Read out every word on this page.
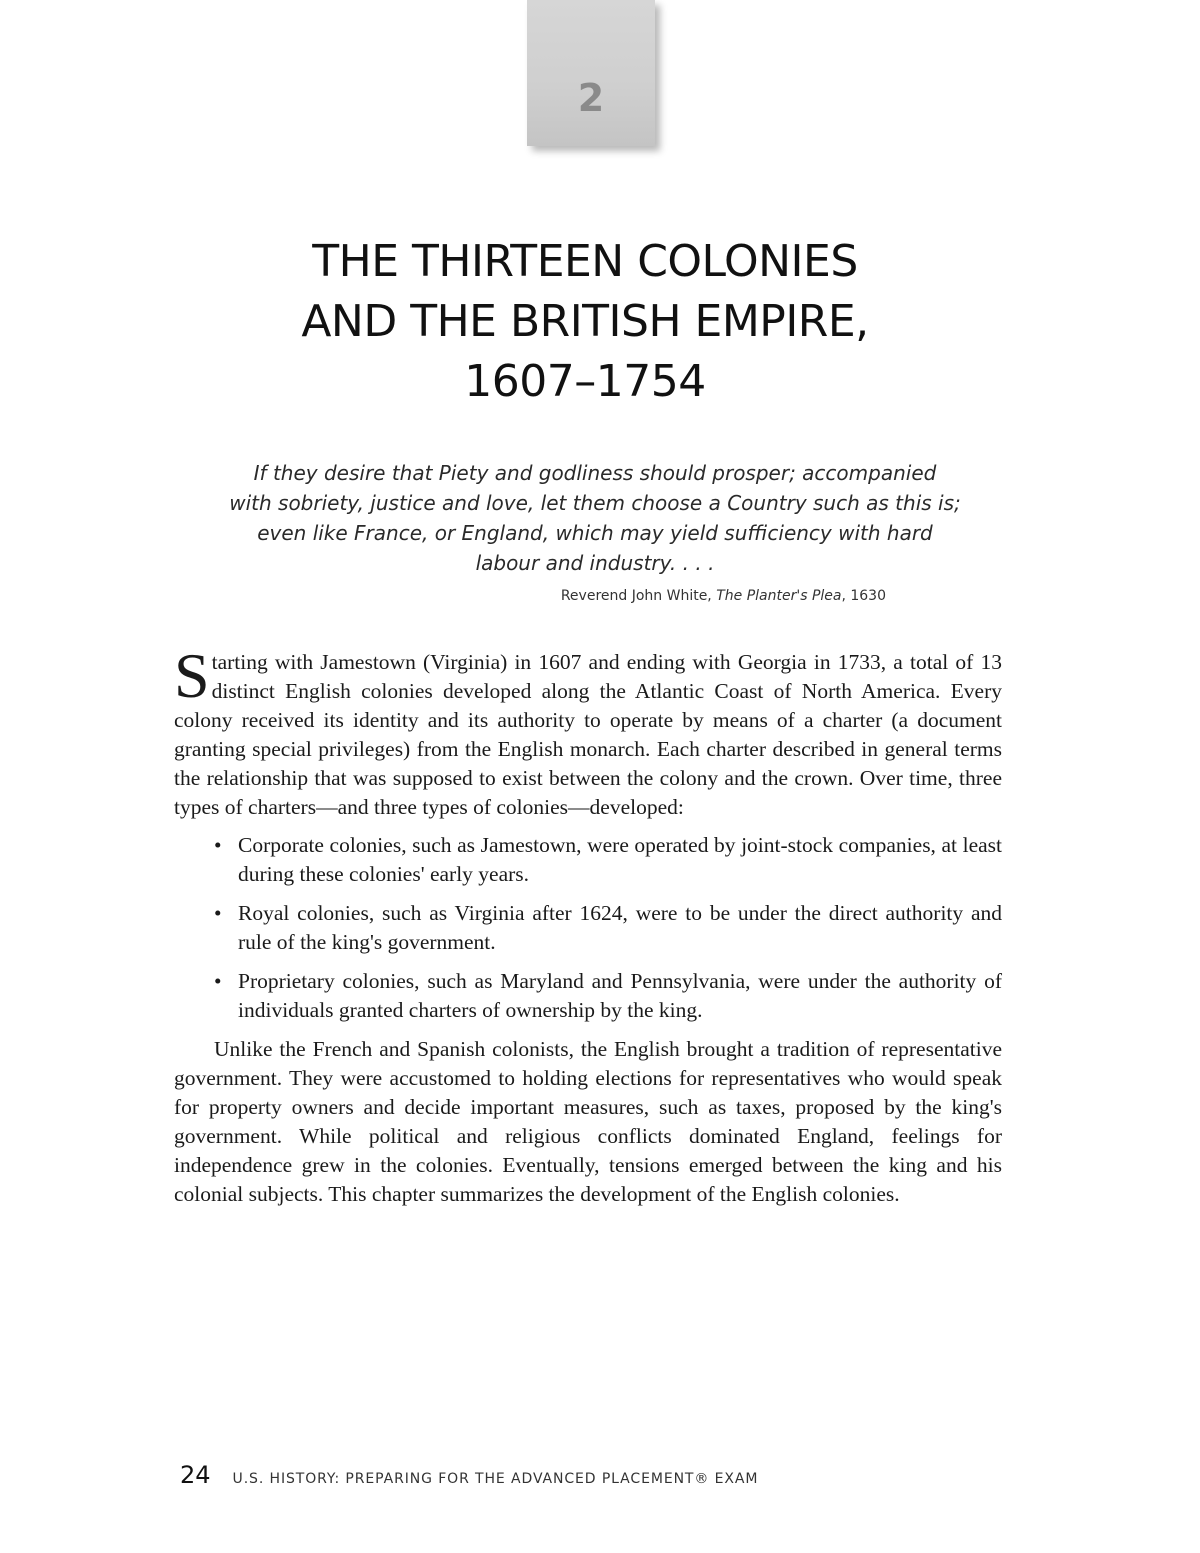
2
THE THIRTEEN COLONIES
AND THE BRITISH EMPIRE,
1607–1754
If they desire that Piety and godliness should prosper; accompanied
with sobriety, justice and love, let them choose a Country such as this is;
even like France, or England, which may yield sufficiency with hard
labour and industry. . . .
Reverend John White, The Planter's Plea, 1630

Starting with Jamestown (Virginia) in 1607 and ending with Georgia in 1733, a total of 13 distinct English colonies developed along the Atlantic Coast of North America. Every colony received its identity and its authority to operate by means of a charter (a document granting special privileges) from the English monarch. Each charter described in general terms the relationship that was supposed to exist between the colony and the crown. Over time, three types of charters—and three types of colonies—developed:

• Corporate colonies, such as Jamestown, were operated by joint-stock companies, at least during these colonies' early years.
• Royal colonies, such as Virginia after 1624, were to be under the direct authority and rule of the king's government.
• Proprietary colonies, such as Maryland and Pennsylvania, were under the authority of individuals granted charters of ownership by the king.

Unlike the French and Spanish colonists, the English brought a tradition of representative government. They were accustomed to holding elections for representatives who would speak for property owners and decide important measures, such as taxes, proposed by the king's government. While political and religious conflicts dominated England, feelings for independence grew in the colonies. Eventually, tensions emerged between the king and his colonial subjects. This chapter summarizes the development of the English colonies.

24 U.S. HISTORY: PREPARING FOR THE ADVANCED PLACEMENT® EXAM
